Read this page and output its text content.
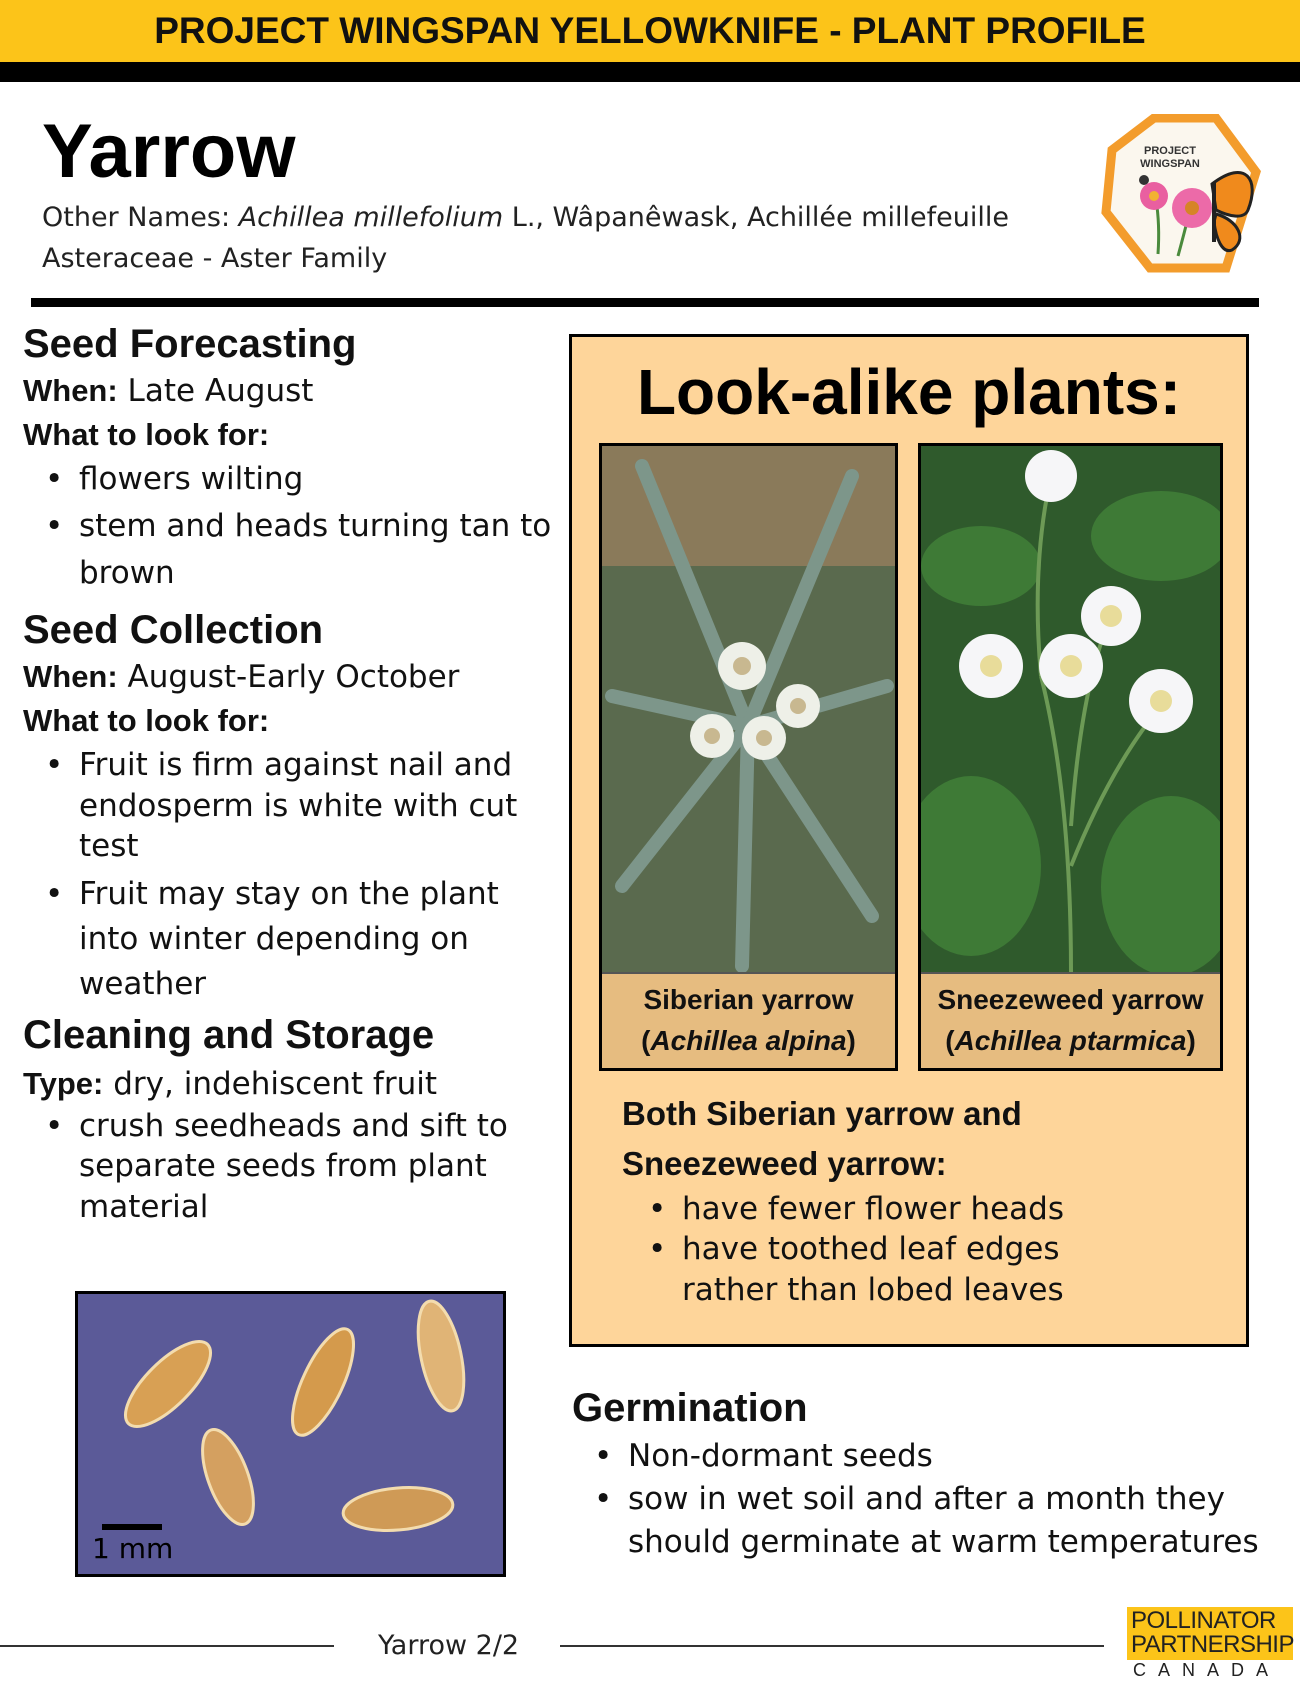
PROJECT WINGSPAN YELLOWKNIFE - PLANT PROFILE
Yarrow
Other Names: Achillea millefolium L., Wâpanêwask, Achillée millefeuille
Asteraceae - Aster Family
PROJECT
WINGSPAN
Seed Forecasting
When: Late August
What to look for:
• flowers wilting
• stem and heads turning tan to brown
Seed Collection
When: August-Early October
What to look for:
• Fruit is firm against nail and endosperm is white with cut test
• Fruit may stay on the plant into winter depending on weather
Cleaning and Storage
Type: dry, indehiscent fruit
• crush seedheads and sift to separate seeds from plant material
1 mm
Look-alike plants:
Siberian yarrow
(Achillea alpina)
Sneezeweed yarrow
(Achillea ptarmica)
Both Siberian yarrow and
Sneezeweed yarrow:
• have fewer flower heads
• have toothed leaf edges rather than lobed leaves
Germination
• Non-dormant seeds
• sow in wet soil and after a month they should germinate at warm temperatures
Yarrow 2/2
POLLINATOR
PARTNERSHIP
CANADA
